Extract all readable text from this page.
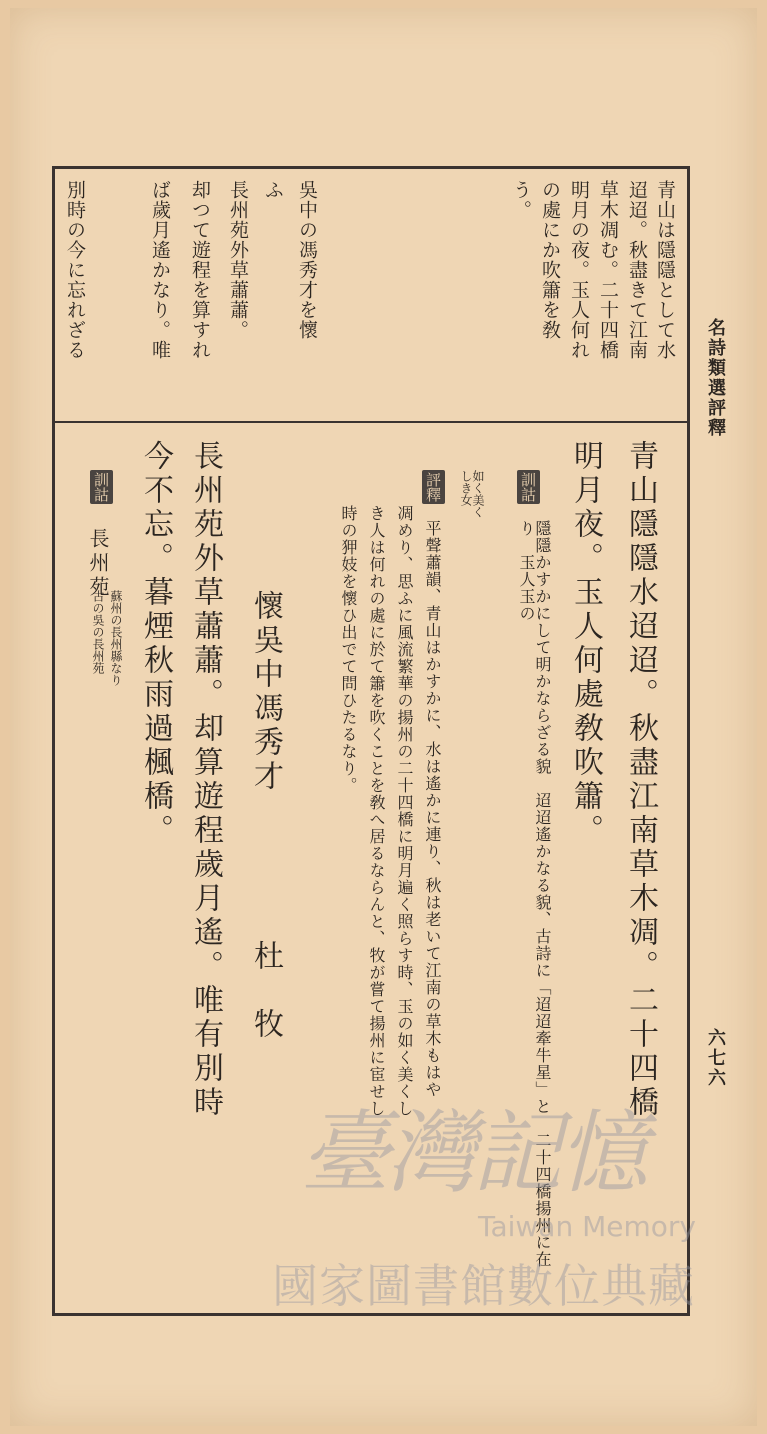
名詩類選評釋
六七六
青山は隱隱として水
迢迢。秋盡きて江南
草木凋む。二十四橋
明月の夜。玉人何れ
の處にか吹簫を敎
う。
吳中の馮秀才を懷
ふ
長州苑外草蕭蕭。
却つて遊程を算すれ
ば歲月遙かなり。唯
別時の今に忘れざる
青山隱隱水迢迢。秋盡江南草木凋。二十四橋
明月夜。玉人何處敎吹簫。
訓詁
隱隱かすかにして明かならざる貌　迢迢遙かなる貌、古詩に「迢迢牽牛星」と　二十四橋揚州に在り　玉人玉の
如く美く しき女
評釋
平聲蕭韻、青山はかすかに、水は遙かに連り、秋は老いて江南の草木もはや
凋めり、思ふに風流繁華の揚州の二十四橋に明月遍く照らす時、玉の如く美くし
き人は何れの處に於て簫を吹くことを敎へ居るならんと、牧が嘗て揚州に宦せし
時の狎妓を懷ひ出でて問ひたるなり。
懷吳中馮秀才
杜　牧
長州苑外草蕭蕭。却算遊程歲月遙。唯有別時
今不忘。暮煙秋雨過楓橋。
訓詁
長州苑
蘇州の長州縣なり
古の吳の長州苑
臺灣記憶
Taiwan Memory
國家圖書館數位典藏
